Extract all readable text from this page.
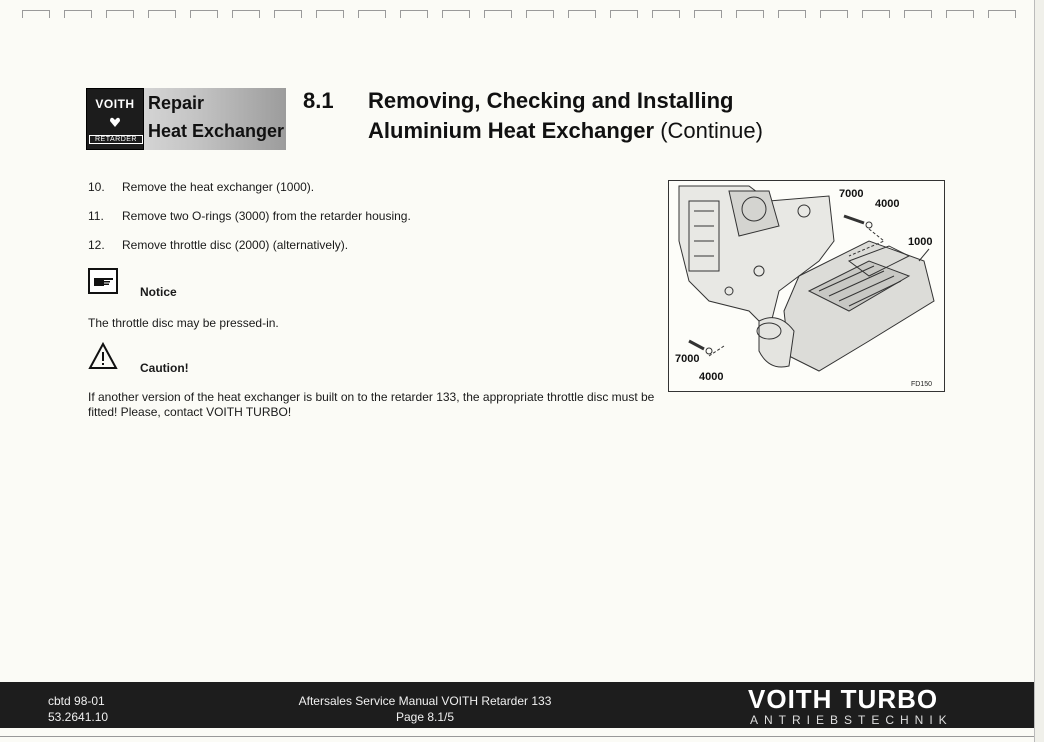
VOITH
RETARDER
Repair
Heat Exchanger
8.1 Removing, Checking and Installing
Aluminium Heat Exchanger (Continue)
10. Remove the heat exchanger (1000).
11. Remove two O-rings (3000) from the retarder housing.
12. Remove throttle disc (2000) (alternatively).
Notice
The throttle disc may be pressed-in.
Caution!
If another version of the heat exchanger is built on to the retarder 133, the appropriate throttle disc must be fitted! Please, contact VOITH TURBO!
7000
4000
1000
7000
4000
FD150
cbtd 98-01
53.2641.10
Aftersales Service Manual VOITH Retarder 133
Page 8.1/5
VOITH TURBO
ANTRIEBSTECHNIK
